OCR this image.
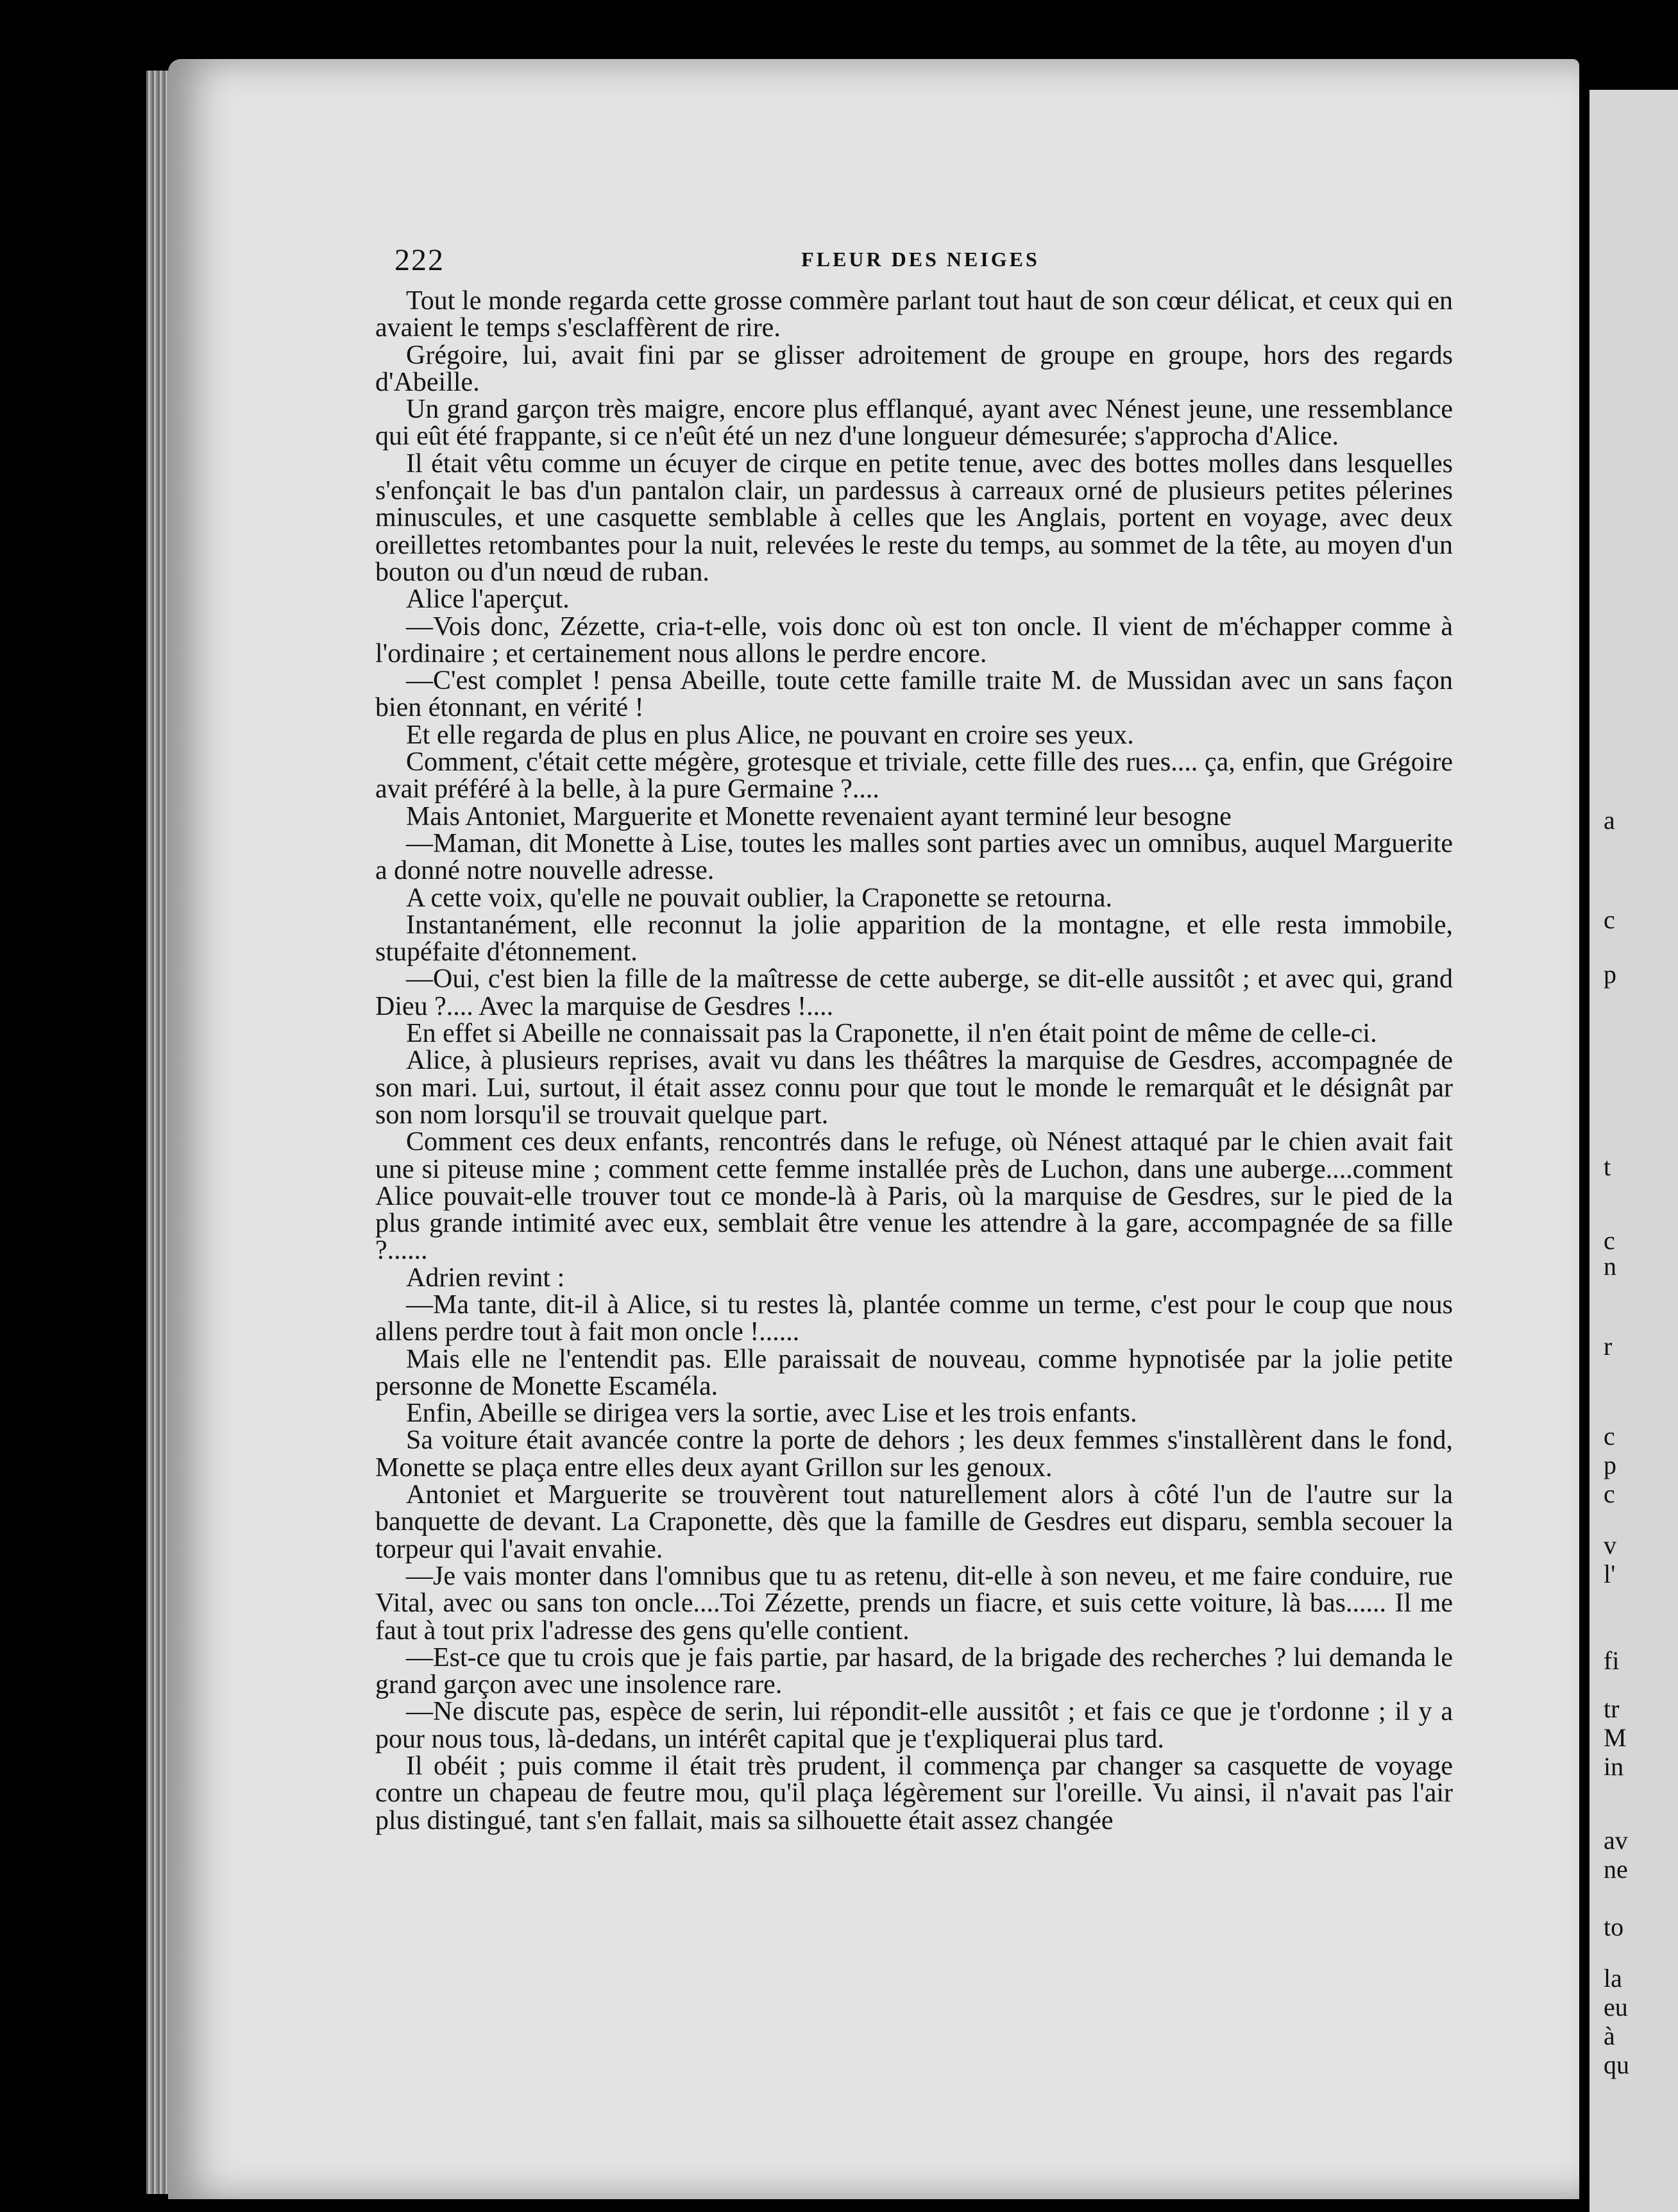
222	FLEUR DES NEIGES

Tout le monde regarda cette grosse commère parlant tout haut de son cœur délicat, et ceux qui en avaient le temps s'esclaffèrent de rire.

Grégoire, lui, avait fini par se glisser adroitement de groupe en groupe, hors des regards d'Abeille.

Un grand garçon très maigre, encore plus efflanqué, ayant avec Nénest jeune, une ressemblance qui eût été frappante, si ce n'eût été un nez d'une longueur démesurée; s'approcha d'Alice.

Il était vêtu comme un écuyer de cirque en petite tenue, avec des bottes molles dans lesquelles s'enfonçait le bas d'un pantalon clair, un pardessus à carreaux orné de plusieurs petites pélerines minuscules, et une casquette semblable à celles que les Anglais, portent en voyage, avec deux oreillettes retombantes pour la nuit, relevées le reste du temps, au sommet de la tête, au moyen d'un bouton ou d'un nœud de ruban.

Alice l'aperçut.

—Vois donc, Zézette, cria-t-elle, vois donc où est ton oncle. Il vient de m'échapper comme à l'ordinaire ; et certainement nous allons le perdre encore.

—C'est complet ! pensa Abeille, toute cette famille traite M. de Mussidan avec un sans façon bien étonnant, en vérité !

Et elle regarda de plus en plus Alice, ne pouvant en croire ses yeux.

Comment, c'était cette mégère, grotesque et triviale, cette fille des rues.... ça, enfin, que Grégoire avait préféré à la belle, à la pure Germaine ?....

Mais Antoniet, Marguerite et Monette revenaient ayant terminé leur besogne

—Maman, dit Monette à Lise, toutes les malles sont parties avec un omnibus, auquel Marguerite a donné notre nouvelle adresse.

A cette voix, qu'elle ne pouvait oublier, la Craponette se retourna.

Instantanément, elle reconnut la jolie apparition de la montagne, et elle resta immobile, stupéfaite d'étonnement.

—Oui, c'est bien la fille de la maîtresse de cette auberge, se dit-elle aussitôt ; et avec qui, grand Dieu ?.... Avec la marquise de Gesdres !....

En effet si Abeille ne connaissait pas la Craponette, il n'en était point de même de celle-ci.

Alice, à plusieurs reprises, avait vu dans les théâtres la marquise de Gesdres, accompagnée de son mari. Lui, surtout, il était assez connu pour que tout le monde le remarquât et le désignât par son nom lorsqu'il se trouvait quelque part.

Comment ces deux enfants, rencontrés dans le refuge, où Nénest attaqué par le chien avait fait une si piteuse mine ; comment cette femme installée près de Luchon, dans une auberge....comment Alice pouvait-elle trouver tout ce monde-là à Paris, où la marquise de Gesdres, sur le pied de la plus grande intimité avec eux, semblait être venue les attendre à la gare, accompagnée de sa fille ?......

Adrien revint :

—Ma tante, dit-il à Alice, si tu restes là, plantée comme un terme, c'est pour le coup que nous allens perdre tout à fait mon oncle !......

Mais elle ne l'entendit pas. Elle paraissait de nouveau, comme hypnotisée par la jolie petite personne de Monette Escaméla.

Enfin, Abeille se dirigea vers la sortie, avec Lise et les trois enfants.

Sa voiture était avancée contre la porte de dehors ; les deux femmes s'installèrent dans le fond, Monette se plaça entre elles deux ayant Grillon sur les genoux.

Antoniet et Marguerite se trouvèrent tout naturellement alors à côté l'un de l'autre sur la banquette de devant. La Craponette, dès que la famille de Gesdres eut disparu, sembla secouer la torpeur qui l'avait envahie.

—Je vais monter dans l'omnibus que tu as retenu, dit-elle à son neveu, et me faire conduire, rue Vital, avec ou sans ton oncle....Toi Zézette, prends un fiacre, et suis cette voiture, là bas...... Il me faut à tout prix l'adresse des gens qu'elle contient.

—Est-ce que tu crois que je fais partie, par hasard, de la brigade des recherches ? lui demanda le grand garçon avec une insolence rare.

—Ne discute pas, espèce de serin, lui répondit-elle aussitôt ; et fais ce que je t'ordonne ; il y a pour nous tous, là-dedans, un intérêt capital que je t'expliquerai plus tard.

Il obéit ; puis comme il était très prudent, il commença par changer sa casquette de voyage contre un chapeau de feutre mou, qu'il plaça légèrement sur l'oreille. Vu ainsi, il n'avait pas l'air plus distingué, tant s'en fallait, mais sa silhouette était assez changée

a
c
p
t
c
n
r
c
p
c
v
l'
fi
tr
M
in
av
ne
to
la
eu
à
qu
